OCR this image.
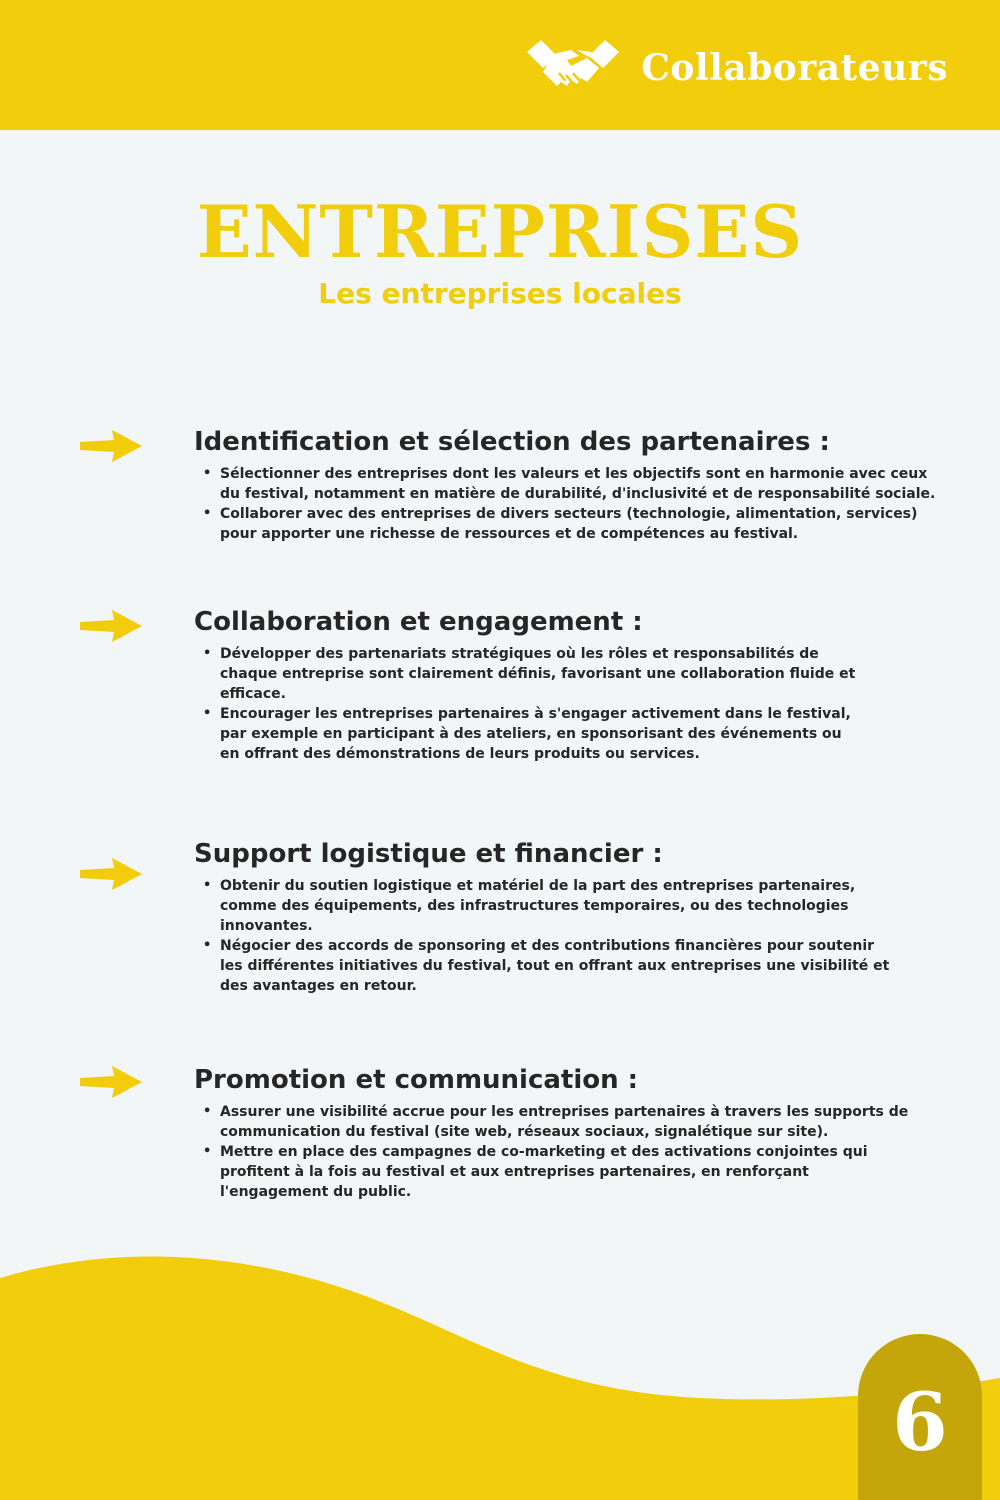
Collaborateurs
ENTREPRISES
Les entreprises locales
Identification et sélection des partenaires :
• Sélectionner des entreprises dont les valeurs et les objectifs sont en harmonie avec ceux
du festival, notamment en matière de durabilité, d'inclusivité et de responsabilité sociale.
• Collaborer avec des entreprises de divers secteurs (technologie, alimentation, services)
pour apporter une richesse de ressources et de compétences au festival.
Collaboration et engagement :
• Développer des partenariats stratégiques où les rôles et responsabilités de
chaque entreprise sont clairement définis, favorisant une collaboration fluide et
efficace.
• Encourager les entreprises partenaires à s'engager activement dans le festival,
par exemple en participant à des ateliers, en sponsorisant des événements ou
en offrant des démonstrations de leurs produits ou services.
Support logistique et financier :
• Obtenir du soutien logistique et matériel de la part des entreprises partenaires,
comme des équipements, des infrastructures temporaires, ou des technologies
innovantes.
• Négocier des accords de sponsoring et des contributions financières pour soutenir
les différentes initiatives du festival, tout en offrant aux entreprises une visibilité et
des avantages en retour.
Promotion et communication :
• Assurer une visibilité accrue pour les entreprises partenaires à travers les supports de
communication du festival (site web, réseaux sociaux, signalétique sur site).
• Mettre en place des campagnes de co-marketing et des activations conjointes qui
profitent à la fois au festival et aux entreprises partenaires, en renforçant
l'engagement du public.
6
